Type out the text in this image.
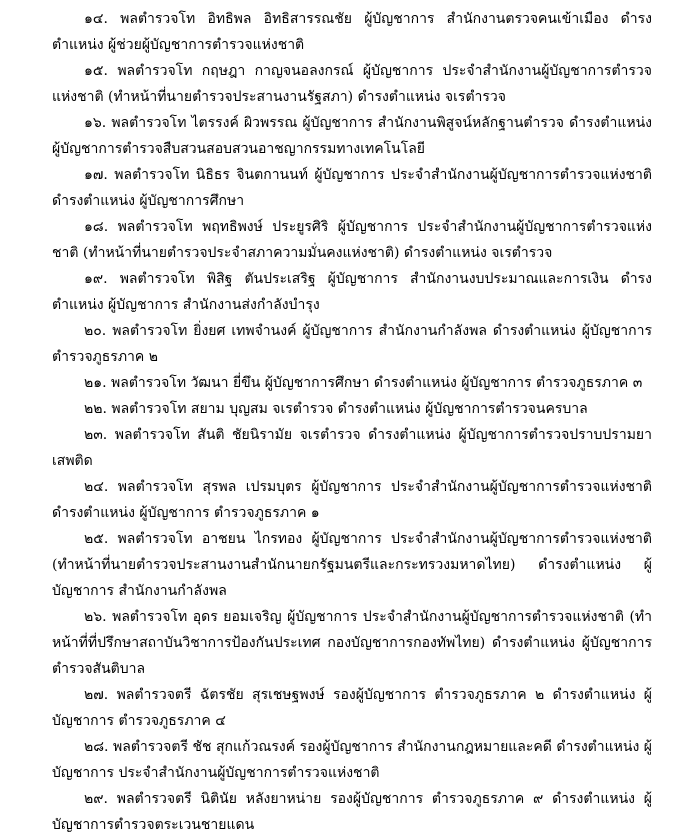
๑๔. พลตำรวจโท อิทธิพล อิทธิสารรณชัย ผู้บัญชาการ สำนักงานตรวจคนเข้าเมือง ดำรงตำแหน่ง ผู้ช่วยผู้บัญชาการตำรวจแห่งชาติ

๑๕. พลตำรวจโท กฤษฎา กาญจนอลงกรณ์ ผู้บัญชาการ ประจำสำนักงานผู้บัญชาการตำรวจแห่งชาติ (ทำหน้าที่นายตำรวจประสานงานรัฐสภา) ดำรงตำแหน่ง จเรตำรวจ

๑๖. พลตำรวจโท ไตรรงค์ ผิวพรรณ ผู้บัญชาการ สำนักงานพิสูจน์หลักฐานตำรวจ ดำรงตำแหน่ง ผู้บัญชาการตำรวจสืบสวนสอบสวนอาชญากรรมทางเทคโนโลยี

๑๗. พลตำรวจโท นิธิธร จินตกานนท์ ผู้บัญชาการ ประจำสำนักงานผู้บัญชาการตำรวจแห่งชาติ ดำรงตำแหน่ง ผู้บัญชาการศึกษา

๑๘. พลตำรวจโท พฤทธิพงษ์ ประยูรศิริ ผู้บัญชาการ ประจำสำนักงานผู้บัญชาการตำรวจแห่งชาติ (ทำหน้าที่นายตำรวจประจำสภาความมั่นคงแห่งชาติ) ดำรงตำแหน่ง จเรตำรวจ

๑๙. พลตำรวจโท พิสิฐ ตันประเสริฐ ผู้บัญชาการ สำนักงานงบประมาณและการเงิน ดำรงตำแหน่ง ผู้บัญชาการ สำนักงานส่งกำลังบำรุง

๒๐. พลตำรวจโท ยิ่งยศ เทพจำนงค์ ผู้บัญชาการ สำนักงานกำลังพล ดำรงตำแหน่ง ผู้บัญชาการ ตำรวจภูธรภาค ๒

๒๑. พลตำรวจโท วัฒนา ยี่ขึน ผู้บัญชาการศึกษา ดำรงตำแหน่ง ผู้บัญชาการ ตำรวจภูธรภาค ๓

๒๒. พลตำรวจโท สยาม บุญสม จเรตำรวจ ดำรงตำแหน่ง ผู้บัญชาการตำรวจนครบาล

๒๓. พลตำรวจโท สันติ ชัยนิรามัย จเรตำรวจ ดำรงตำแหน่ง ผู้บัญชาการตำรวจปราบปรามยาเสพติด

๒๔. พลตำรวจโท สุรพล เปรมบุตร ผู้บัญชาการ ประจำสำนักงานผู้บัญชาการตำรวจแห่งชาติ ดำรงตำแหน่ง ผู้บัญชาการ ตำรวจภูธรภาค ๑

๒๕. พลตำรวจโท อาชยน ไกรทอง ผู้บัญชาการ ประจำสำนักงานผู้บัญชาการตำรวจแห่งชาติ (ทำหน้าที่นายตำรวจประสานงานสำนักนายกรัฐมนตรีและกระทรวงมหาดไทย) ดำรงตำแหน่ง ผู้บัญชาการ สำนักงานกำลังพล

๒๖. พลตำรวจโท อุดร ยอมเจริญ ผู้บัญชาการ ประจำสำนักงานผู้บัญชาการตำรวจแห่งชาติ (ทำหน้าที่ที่ปรึกษาสถาบันวิชาการป้องกันประเทศ กองบัญชาการกองทัพไทย) ดำรงตำแหน่ง ผู้บัญชาการตำรวจสันติบาล

๒๗. พลตำรวจตรี ฉัตรชัย สุรเชษฐพงษ์ รองผู้บัญชาการ ตำรวจภูธรภาค ๒ ดำรงตำแหน่ง ผู้บัญชาการ ตำรวจภูธรภาค ๔

๒๘. พลตำรวจตรี ชัช สุกแก้วณรงค์ รองผู้บัญชาการ สำนักงานกฎหมายและคดี ดำรงตำแหน่ง ผู้บัญชาการ ประจำสำนักงานผู้บัญชาการตำรวจแห่งชาติ

๒๙. พลตำรวจตรี นิตินัย หลังยาหน่าย รองผู้บัญชาการ ตำรวจภูธรภาค ๙ ดำรงตำแหน่ง ผู้บัญชาการตำรวจตระเวนชายแดน
